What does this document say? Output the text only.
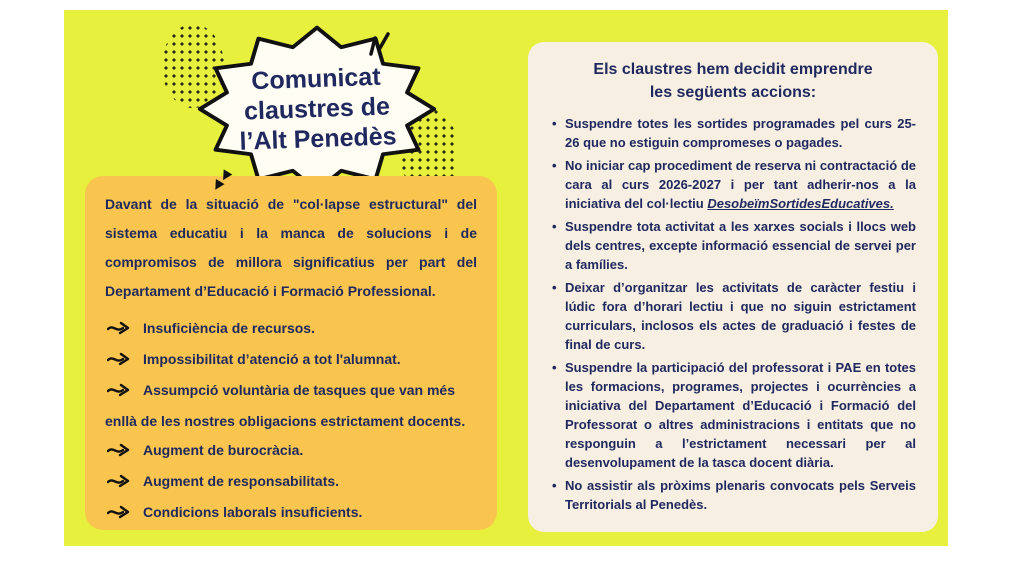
Comunicat
claustres de
l’Alt Penedès

Davant de la situació de "col·lapse estructural" del sistema educatiu i la manca de solucions i de compromisos de millora significatius per part del Departament d’Educació i Formació Professional.

Insuficiència de recursos.
Impossibilitat d’atenció a tot l'alumnat.
Assumpció voluntària de tasques que van més enllà de les nostres obligacions estrictament docents.
Augment de burocràcia.
Augment de responsabilitats.
Condicions laborals insuficients.
Els claustres hem decidit emprendre
les següents accions:
• Suspendre totes les sortides programades pel curs 25-26 que no estiguin compromeses o pagades.
• No iniciar cap procediment de reserva ni contractació de cara al curs 2026-2027 i per tant adherir-nos a la iniciativa del col·lectiu DesobeïmSortidesEducatives.
• Suspendre tota activitat a les xarxes socials i llocs web dels centres, excepte informació essencial de servei per a famílies.
• Deixar d’organitzar les activitats de caràcter festiu i lúdic fora d’horari lectiu i que no siguin estrictament curriculars, inclosos els actes de graduació i festes de final de curs.
• Suspendre la participació del professorat i PAE en totes les formacions, programes, projectes i ocurrències a iniciativa del Departament d’Educació i Formació del Professorat o altres administracions i entitats que no responguin a l’estrictament necessari per al desenvolupament de la tasca docent diària.
• No assistir als pròxims plenaris convocats pels Serveis Territorials al Penedès.
